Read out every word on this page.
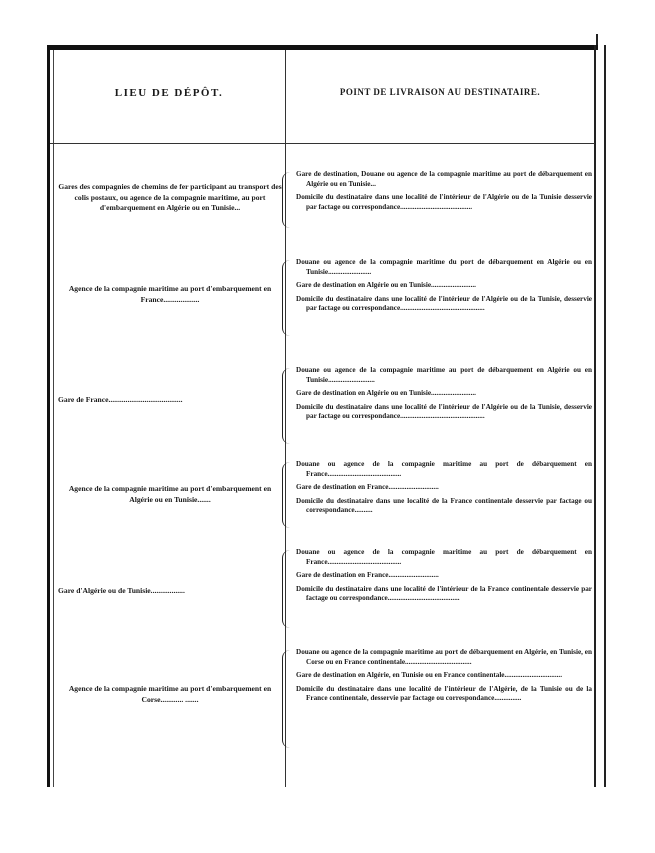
LIEU DE DÉPÔT.	POINT DE LIVRAISON AU DESTINATAIRE.
Gares des compagnies de chemins de fer participant au transport des colis postaux, ou agence de la compagnie maritime, au port d'embarquement en Algérie ou en Tunisie...
Gare de destination, Douane ou agence de la compagnie maritime au port de débarquement en Algérie ou en Tunisie...
Domicile du destinataire dans une localité de l'intérieur de l'Algérie ou de la Tunisie desservie par factage ou correspondance........................................
Agence de la compagnie maritime au port d'embarquement en France...................
Douane ou agence de la compagnie maritime du port de débarquement en Algérie ou en Tunisie........................
Gare de destination en Algérie ou en Tunisie.........................
Domicile du destinataire dans une localité de l'intérieur de l'Algérie ou de la Tunisie, desservie par factage ou correspondance...............................................
Gare de France.......................................
Douane ou agence de la compagnie maritime au port de débarquement en Algérie ou en Tunisie..........................
Gare de destination en Algérie ou en Tunisie.........................
Domicile du destinataire dans une localité de l'intérieur de l'Algérie ou de la Tunisie, desservie par factage ou correspondance...............................................
Agence de la compagnie maritime au port d'embarquement en Algérie ou en Tunisie.......
Douane ou agence de la compagnie maritime au port de débarquement en France.........................................
Gare de destination en France............................
Domicile du destinataire dans une localité de la France continentale desservie par factage ou correspondance..........
Gare d'Algérie ou de Tunisie..................
Douane ou agence de la compagnie maritime au port de débarquement en France.........................................
Gare de destination en France............................
Domicile du destinataire dans une localité de l'intérieur de la France continentale desservie par factage ou correspondance........................................
Agence de la compagnie maritime au port d'embarquement en Corse............ .......
Douane ou agence de la compagnie maritime au port de débarquement en Algérie, en Tunisie, en Corse ou en France continentale.....................................
Gare de destination en Algérie, en Tunisie ou en France continentale................................
Domicile du destinataire dans une localité de l'intérieur de l'Algérie, de la Tunisie ou de la France continentale, desservie par factage ou correspondance...............
